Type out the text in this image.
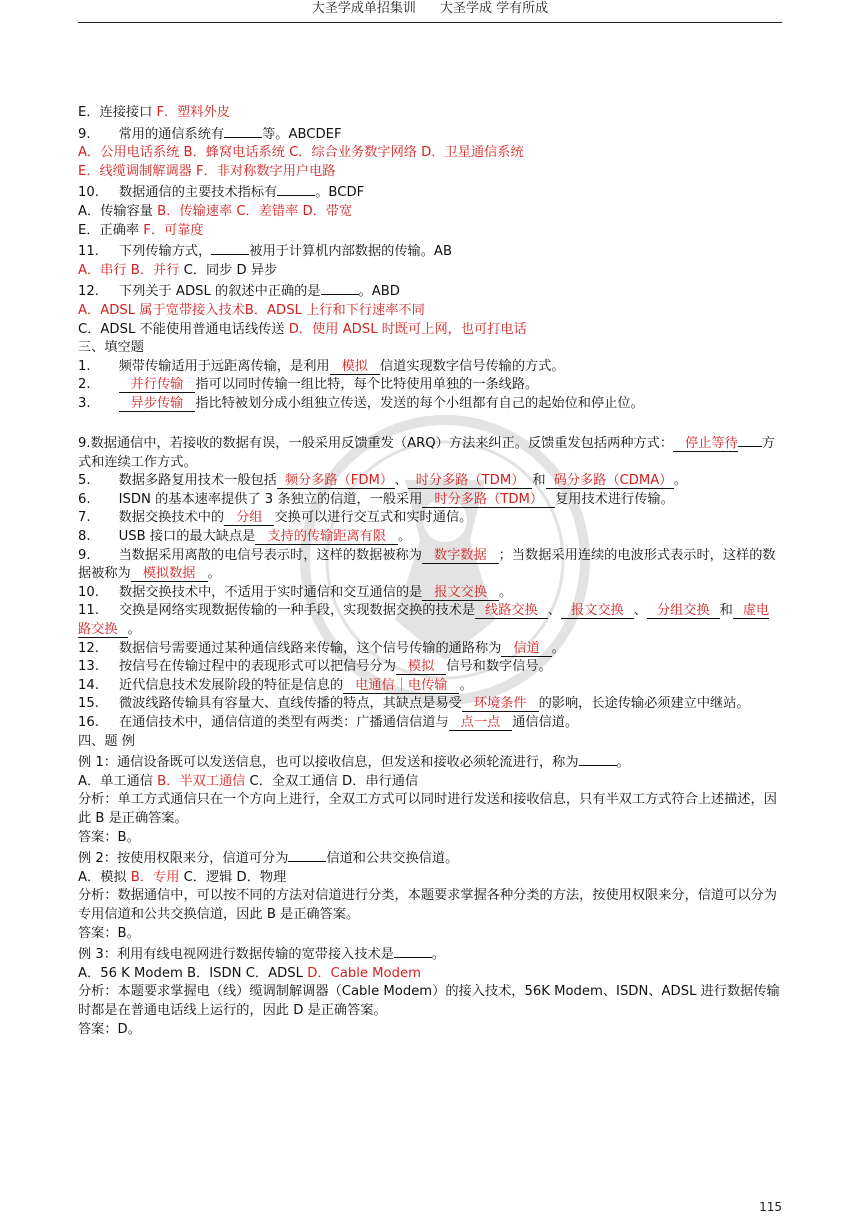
大圣学成单招集训 大圣学成 学有所成
E．连接接口 F．塑料外皮
9. 常用的通信系统有	等。ABCDEF
A．公用电话系统 B．蜂窝电话系统 C．综合业务数字网络 D．卫星通信系统
E．线缆调制解调器 F．非对称数字用户电路
10. 数据通信的主要技术指标有	。BCDF
A．传输容量 B．传输速率 C．差错率 D．带宽
E．正确率 F．可靠度
11. 下列传输方式，	被用于计算机内部数据的传输。AB
A．串行 B．并行 C．同步 D 异步
12. 下列关于 ADSL 的叙述中正确的是	。ABD
A．ADSL 属于宽带接入技术B．ADSL 上行和下行速率不同
C．ADSL 不能使用普通电话线传送 D．使用 ADSL 时既可上网，也可打电话
三、填空题
1. 频带传输适用于远距离传输，是利用 模拟 信道实现数字信号传输的方式。
2.	并行传输 指可以同时传输一组比特，每个比特使用单独的一条线路。
3.	异步传输 指比特被划分成小组独立传送，发送的每个小组都有自己的起始位和停止位。
9.数据通信中，若接收的数据有误，一般采用反馈重发（ARQ）方法来纠正。反馈重发包括两种方式： 停止等待 方式和连续工作方式。
5. 数据多路复用技术一般包括 频分多路（FDM） 、 时分多路（TDM） 和 码分多路（CDMA） 。
6. ISDN 的基本速率提供了 3 条独立的信道，一般采用 时分多路（TDM） 复用技术进行传输。
7. 数据交换技术中的 分组 交换可以进行交互式和实时通信。
8. USB 接口的最大缺点是 支持的传输距离有限 。
9. 当数据采用离散的电信号表示时，这样的数据被称为 数字数据 ；当数据采用连续的电波形式表示时，这样的数据被称为 模拟数据 。
10. 数据交换技术中，不适用于实时通信和交互通信的是 报文交换 。
11. 交换是网络实现数据传输的一种手段，实现数据交换的技术是 线路交换 、 报文交换 、 分组交换 和 虚电路交换 。
12. 数据信号需要通过某种通信线路来传输，这个信号传输的通路称为 信道 。
13. 按信号在传输过程中的表现形式可以把信号分为 模拟 信号和数字信号。
14. 近代信息技术发展阶段的特征是信息的 电通信｜电传输 。
15. 微波线路传输具有容量大、直线传播的特点，其缺点是易受 环境条件 的影响，长途传输必须建立中继站。
16. 在通信技术中，通信信道的类型有两类：广播通信信道与 点一点 通信信道。
四、题 例
例 1：通信设备既可以发送信息，也可以接收信息，但发送和接收必须轮流进行，称为	。
A．单工通信 B．半双工通信 C．全双工通信 D．串行通信
分析：单工方式通信只在一个方向上进行，全双工方式可以同时进行发送和接收信息，只有半双工方式符合上述描述，因此 B 是正确答案。
答案：B。
例 2：按使用权限来分，信道可分为	信道和公共交换信道。
A．模拟 B．专用 C．逻辑 D．物理
分析：数据通信中，可以按不同的方法对信道进行分类，本题要求掌握各种分类的方法，按使用权限来分，信道可以分为专用信道和公共交换信道，因此 B 是正确答案。
答案：B。
例 3：利用有线电视网进行数据传输的宽带接入技术是	。
A．56 K Modem B．ISDN C．ADSL D．Cable Modem
分析：本题要求掌握电（线）缆调制解调器（Cable Modem）的接入技术，56K Modem、ISDN、ADSL 进行数据传输时都是在普通电话线上运行的，因此 D 是正确答案。
答案：D。
115
